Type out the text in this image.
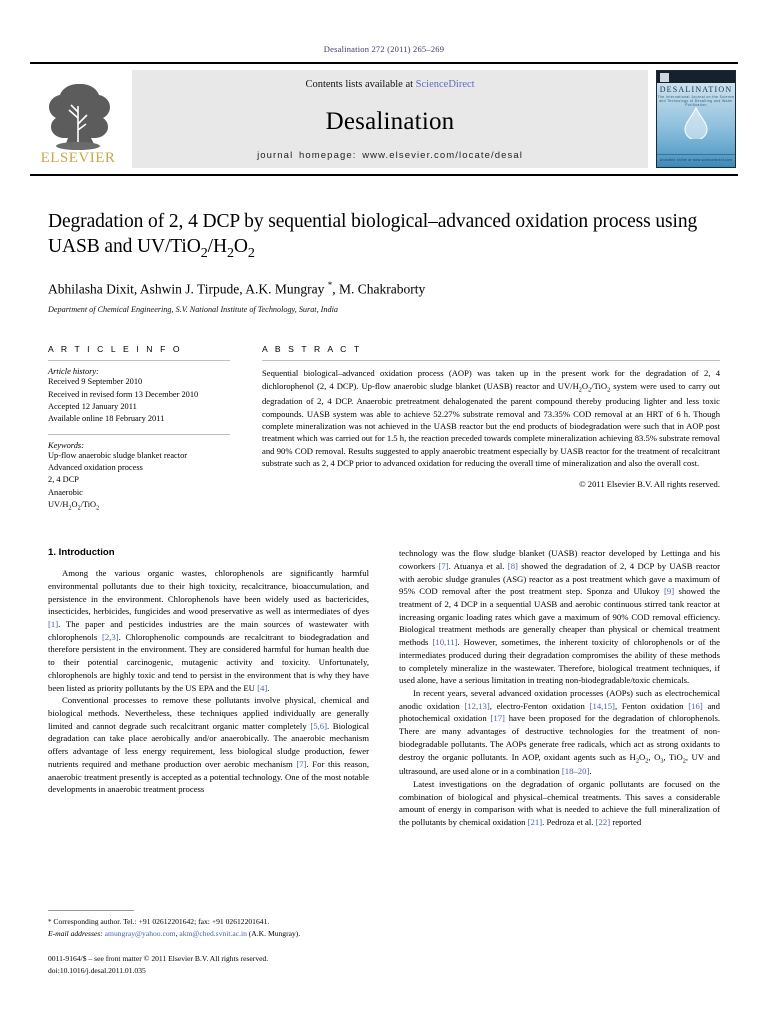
Desalination 272 (2011) 265–269
ELSEVIER
Contents lists available at ScienceDirect
Desalination
journal homepage: www.elsevier.com/locate/desal
DESALINATION
The International Journal on the Science and Technology of Desalting and Water Purification
Available online at www.sciencedirect.com
Degradation of 2, 4 DCP by sequential biological–advanced oxidation process using
UASB and $UV/TiO_2/H_2O_2$
Abhilasha Dixit, Ashwin J. Tirpude, A.K. Mungray *, M. Chakraborty
Department of Chemical Engineering, S.V. National Institute of Technology, Surat, India
A R T I C L E I N F O
Article history:
Received 9 September 2010
Received in revised form 13 December 2010
Accepted 12 January 2011
Available online 18 February 2011
Keywords:
Up-flow anaerobic sludge blanket reactor
Advanced oxidation process
2, 4 DCP
Anaerobic
$UV/H_2O_2/TiO_2$
A B S T R A C T
Sequential biological–advanced oxidation process (AOP) was taken up in the present work for the degradation of 2, 4 dichlorophenol (2, 4 DCP). Up-flow anaerobic sludge blanket (UASB) reactor and $UV/H_2O_2/TiO_2$ system were used to carry out degradation of 2, 4 DCP. Anaerobic pretreatment dehalogenated the parent compound thereby producing lighter and less toxic compounds. UASB system was able to achieve 52.27% substrate removal and 73.35% COD removal at an HRT of 6 h. Though complete mineralization was not achieved in the UASB reactor but the end products of biodegradation were such that in AOP post treatment which was carried out for 1.5 h, the reaction preceded towards complete mineralization achieving 83.5% substrate removal and 90% COD removal. Results suggested to apply anaerobic treatment especially by UASB reactor for the treatment of recalcitrant substrate such as 2, 4 DCP prior to advanced oxidation for reducing the overall time of mineralization and also the overall cost.
© 2011 Elsevier B.V. All rights reserved.
1. Introduction

Among the various organic wastes, chlorophenols are significantly harmful environmental pollutants due to their high toxicity, recalcitrance, bioaccumulation, and persistence in the environment. Chlorophenols have been widely used as bactericides, insecticides, herbicides, fungicides and wood preservative as well as intermediates of dyes [1]. The paper and pesticides industries are the main sources of wastewater with chlorophenols [2,3]. Chlorophenolic compounds are recalcitrant to biodegradation and therefore persistent in the environment. They are considered harmful for human health due to their potential carcinogenic, mutagenic activity and toxicity. Unfortunately, chlorophenols are highly toxic and tend to persist in the environment that is why they have been listed as priority pollutants by the US EPA and the EU [4].

Conventional processes to remove these pollutants involve physical, chemical and biological methods. Nevertheless, these techniques applied individually are generally limited and cannot degrade such recalcitrant organic matter completely [5,6]. Biological degradation can take place aerobically and/or anaerobically. The anaerobic mechanism offers advantage of less energy requirement, less biological sludge production, fewer nutrients required and methane production over aerobic mechanism [7]. For this reason, anaerobic treatment presently is accepted as a potential technology. One of the most notable developments in anaerobic treatment process

technology was the flow sludge blanket (UASB) reactor developed by Lettinga and his coworkers [7]. Atuanya et al. [8] showed the degradation of 2, 4 DCP by UASB reactor with aerobic sludge granules (ASG) reactor as a post treatment which gave a maximum of 95% COD removal after the post treatment step. Sponza and Ulukoy [9] showed the treatment of 2, 4 DCP in a sequential UASB and aerobic continuous stirred tank reactor at increasing organic loading rates which gave a maximum of 90% COD removal efficiency. Biological treatment methods are generally cheaper than physical or chemical treatment methods [10,11]. However, sometimes, the inherent toxicity of chlorophenols or of the intermediates produced during their degradation compromises the ability of these methods to completely mineralize in the wastewater. Therefore, biological treatment techniques, if used alone, have a serious limitation in treating non-biodegradable/toxic chemicals.

In recent years, several advanced oxidation processes (AOPs) such as electrochemical anodic oxidation [12,13], electro-Fenton oxidation [14,15], Fenton oxidation [16] and photochemical oxidation [17] have been proposed for the degradation of chlorophenols. There are many advantages of destructive technologies for the treatment of non-biodegradable pollutants. The AOPs generate free radicals, which act as strong oxidants to destroy the organic pollutants. In AOP, oxidant agents such as $H_2O_2$, $O_3$, TiO$_2$, UV and ultrasound, are used alone or in a combination [18–20].

Latest investigations on the degradation of organic pollutants are focused on the combination of biological and physical–chemical treatments. This saves a considerable amount of energy in comparison with what is needed to achieve the full mineralization of the pollutants by chemical oxidation [21]. Pedroza et al. [22] reported

* Corresponding author. Tel.: +91 02612201642; fax: +91 02612201641.
E-mail addresses: amungray@yahoo.com, akm@ched.svnit.ac.in (A.K. Mungray).
0011-9164/$ – see front matter © 2011 Elsevier B.V. All rights reserved.
doi:10.1016/j.desal.2011.01.035
